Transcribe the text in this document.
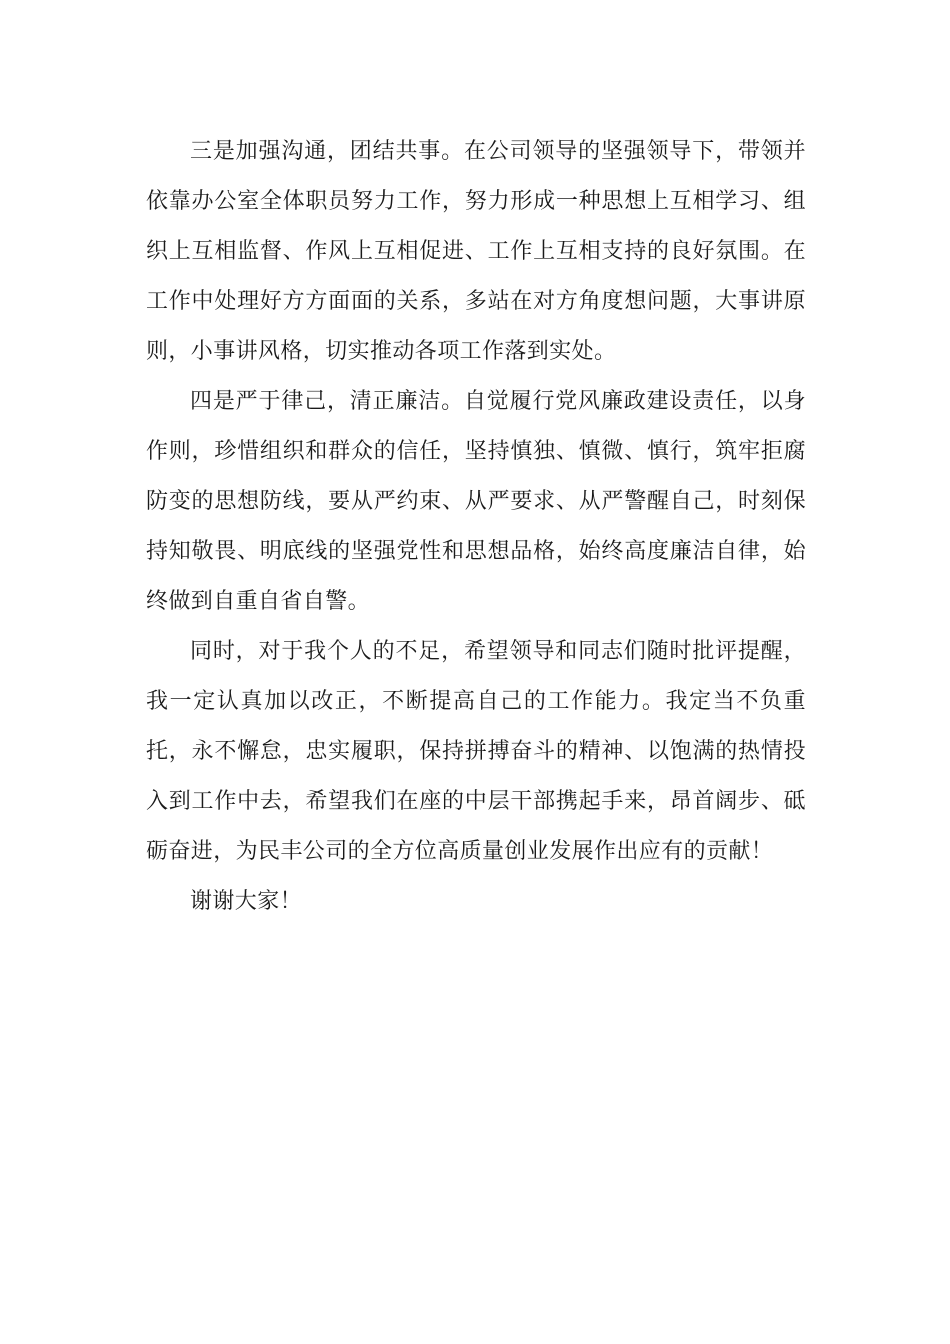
三是加强沟通，团结共事。在公司领导的坚强领导下，带领并依靠办公室全体职员努力工作，努力形成一种思想上互相学习、组织上互相监督、作风上互相促进、工作上互相支持的良好氛围。在工作中处理好方方面面的关系，多站在对方角度想问题，大事讲原则，小事讲风格，切实推动各项工作落到实处。

四是严于律己，清正廉洁。自觉履行党风廉政建设责任，以身作则，珍惜组织和群众的信任，坚持慎独、慎微、慎行，筑牢拒腐防变的思想防线，要从严约束、从严要求、从严警醒自己，时刻保持知敬畏、明底线的坚强党性和思想品格，始终高度廉洁自律，始终做到自重自省自警。

同时，对于我个人的不足，希望领导和同志们随时批评提醒，我一定认真加以改正，不断提高自己的工作能力。我定当不负重托，永不懈怠，忠实履职，保持拼搏奋斗的精神、以饱满的热情投入到工作中去，希望我们在座的中层干部携起手来，昂首阔步、砥砺奋进，为民丰公司的全方位高质量创业发展作出应有的贡献！

谢谢大家！
